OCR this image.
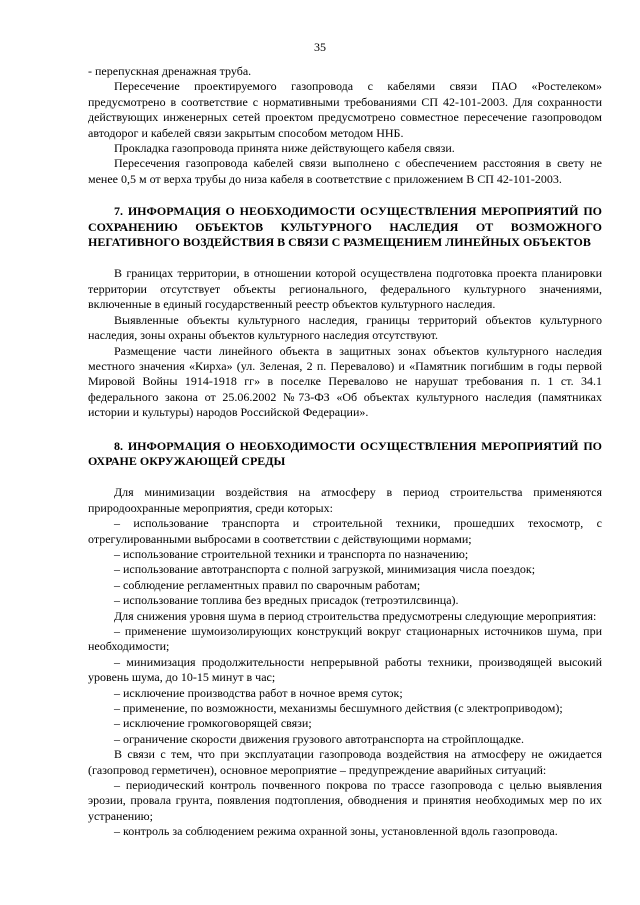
35

- перепускная дренажная труба.

Пересечение проектируемого газопровода с кабелями связи ПАО «Ростелеком» предусмотрено в соответствие с нормативными требованиями СП 42-101-2003. Для сохранности действующих инженерных сетей проектом предусмотрено совместное пересечение газопроводом автодорог и кабелей связи закрытым способом методом ННБ.

Прокладка газопровода принята ниже действующего кабеля связи.

Пересечения газопровода кабелей связи выполнено с обеспечением расстояния в свету не менее 0,5 м от верха трубы до низа кабеля в соответствие с приложением В СП 42-101-2003.

7. ИНФОРМАЦИЯ О НЕОБХОДИМОСТИ ОСУЩЕСТВЛЕНИЯ МЕРОПРИЯТИЙ ПО СОХРАНЕНИЮ ОБЪЕКТОВ КУЛЬТУРНОГО НАСЛЕДИЯ ОТ ВОЗМОЖНОГО НЕГАТИВНОГО ВОЗДЕЙСТВИЯ В СВЯЗИ С РАЗМЕЩЕНИЕМ ЛИНЕЙНЫХ ОБЪЕКТОВ

В границах территории, в отношении которой осуществлена подготовка проекта планировки территории отсутствует объекты регионального, федерального культурного значениями, включенные в единый государственный реестр объектов культурного наследия.

Выявленные объекты культурного наследия, границы территорий объектов культурного наследия, зоны охраны объектов культурного наследия отсутствуют.

Размещение части линейного объекта в защитных зонах объектов культурного наследия местного значения «Кирха» (ул. Зеленая, 2 п. Перевалово) и «Памятник погибшим в годы первой Мировой Войны 1914-1918 гг» в поселке Перевалово не нарушат требования п. 1 ст. 34.1 федерального закона от 25.06.2002 №73-ФЗ «Об объектах культурного наследия (памятниках истории и культуры) народов Российской Федерации».

8. ИНФОРМАЦИЯ О НЕОБХОДИМОСТИ ОСУЩЕСТВЛЕНИЯ МЕРОПРИЯТИЙ ПО ОХРАНЕ ОКРУЖАЮЩЕЙ СРЕДЫ

Для минимизации воздействия на атмосферу в период строительства применяются природоохранные мероприятия, среди которых:

– использование транспорта и строительной техники, прошедших техосмотр, с отрегулированными выбросами в соответствии с действующими нормами;

– использование строительной техники и транспорта по назначению;

– использование автотранспорта с полной загрузкой, минимизация числа поездок;

– соблюдение регламентных правил по сварочным работам;

– использование топлива без вредных присадок (тетроэтилсвинца).

Для снижения уровня шума в период строительства предусмотрены следующие мероприятия:

– применение шумоизолирующих конструкций вокруг стационарных источников шума, при необходимости;

– минимизация продолжительности непрерывной работы техники, производящей высокий уровень шума, до 10-15 минут в час;

– исключение производства работ в ночное время суток;

– применение, по возможности, механизмы бесшумного действия (с электроприводом);

– исключение громкоговорящей связи;

– ограничение скорости движения грузового автотранспорта на стройплощадке.

В связи с тем, что при эксплуатации газопровода воздействия на атмосферу не ожидается (газопровод герметичен), основное мероприятие – предупреждение аварийных ситуаций:

– периодический контроль почвенного покрова по трассе газопровода с целью выявления эрозии, провала грунта, появления подтопления, обводнения и принятия необходимых мер по их устранению;

– контроль за соблюдением режима охранной зоны, установленной вдоль газопровода.
